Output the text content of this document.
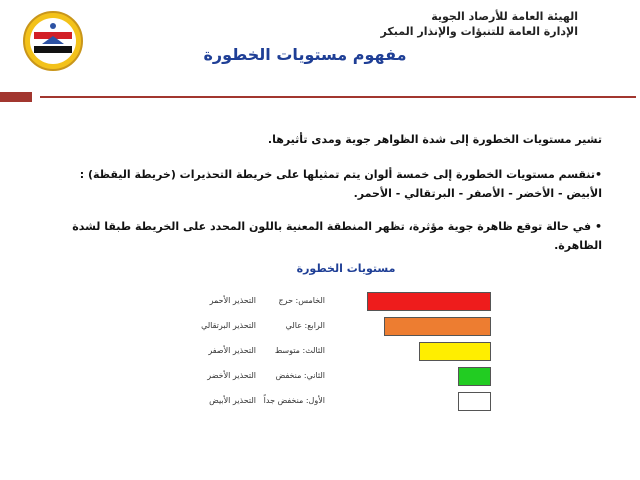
الهيئة العامة للأرصاد الجوية
الإدارة العامة للتنبؤات والإنذار المبكر
مفهوم مستويات الخطورة
تشير مستويات الخطورة إلى شدة الظواهر جوية ومدى تأثيرها.
•تنقسم مستويات الخطورة إلى خمسة ألوان يتم تمثيلها على خريطة التحذيرات (خريطة اليقظة) : الأبيض - الأخضر - الأصفر - البرتقالي - الأحمر.
• في حالة توقع ظاهرة جوية مؤثرة، تظهر المنطقة المعنية باللون المحدد على الخريطة طبقا لشدة الظاهرة.
مستويات الخطورة
الخامس: حرج
التحذير الأحمر
الرابع: عالي
التحذير البرتقالي
الثالث: متوسط
التحذير الأصفر
الثاني: منخفض
التحذير الأخضر
الأول: منخفض جداً
التحذير الأبيض
